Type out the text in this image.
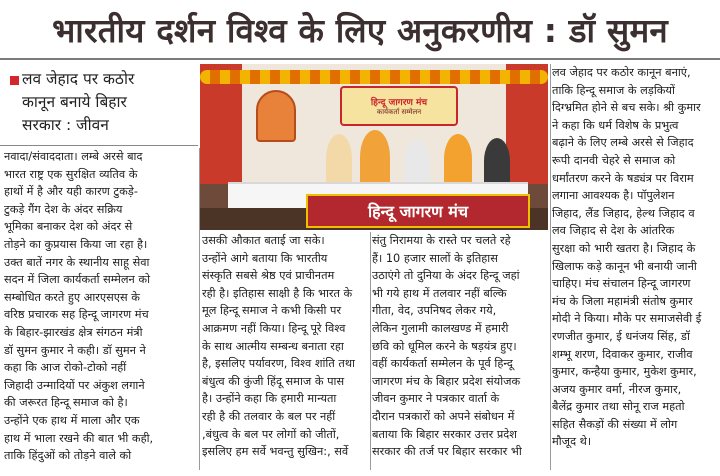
भारतीय दर्शन विश्व के लिए अनुकरणीय : डॉ सुमन
लव जेहाद पर कठोर
कानून बनाये बिहार
सरकार : जीवन
नवादा/संवाददाता। लम्बे अरसे बाद
भारत राष्ट्र एक सुरक्षित व्यतिव के
हाथों में है और यही कारण टुकड़े-
टुकड़े गैंग देश के अंदर सक्रिय
भूमिका बनाकर देश को अंदर से
तोड़ने का कुप्रयास किया जा रहा है।
उक्त बातें नगर के स्थानीय साहू सेवा
सदन में जिला कार्यकर्ता सम्मेलन को
सम्बोधित करते हुए आरएसएस के
वरिष्ठ प्रचारक सह हिन्दू जागरण मंच
के बिहार-झारखंड क्षेत्र संगठन मंत्री
डॉ सुमन कुमार ने कही। डॉ सुमन ने
कहा कि आज रोको-टोको नहीं
जिहादी उन्मादियों पर अंकुश लगाने
की जरूरत हिन्दू समाज को है।
उन्होंने एक हाथ में माला और एक
हाथ में भाला रखने की बात भी कही,
ताकि हिंदुओं को तोड़ने वाले को
हिन्दू जागरण मंच
कार्यकर्ता सम्मेलन
हिन्दू जागरण मंच
उसकी औकात बताई जा सके।
उन्होंने आगे बताया कि भारतीय
संस्कृति सबसे श्रेष्ठ एवं प्राचीनतम
रही है। इतिहास साक्षी है कि भारत के
मूल हिन्दू समाज ने कभी किसी पर
आक्रमण नहीं किया। हिन्दू पूरे विश्व
के साथ आत्मीय सम्बन्ध बनाता रहा
है, इसलिए पर्यावरण, विश्व शांति तथा
बंधुत्व की कुंजी हिंदू समाज के पास
है। उन्होंने कहा कि हमारी मान्यता
रही है की तलवार के बल पर नहीं
,बंधुत्व के बल पर लोगों को जीतों,
इसलिए हम सर्वे भवन्तु सुखिन:, सर्वे
संतु निरामया के रास्ते पर चलते रहे
हैं। 10 हजार सालों के इतिहास
उठाएंगे तो दुनिया के अंदर हिन्दू जहां
भी गये हाथ में तलवार नहीं बल्कि
गीता, वेद, उपनिषद लेकर गये,
लेकिन गुलामी कालखण्ड में हमारी
छवि को धूमिल करने के षड़यंत्र हुए।
वहीं कार्यकर्ता सम्मेलन के पूर्व हिन्दू
जागरण मंच के बिहार प्रदेश संयोजक
जीवन कुमार ने पत्रकार वार्ता के
दौरान पत्रकारों को अपने संबोधन में
बताया कि बिहार सरकार उत्तर प्रदेश
सरकार की तर्ज पर बिहार सरकार भी
लव जेहाद पर कठोर कानून बनाएं,
ताकि हिन्दू समाज के लड़कियों
दिग्भ्रमित होने से बच सके। श्री कुमार
ने कहा कि धर्म विशेष के प्रभुत्व
बढ़ाने के लिए लम्बे अरसे से जिहाद
रूपी दानवी चेहरे से समाज को
धर्मांतरण करने के षड्यंत्र पर विराम
लगाना आवश्यक है। पॉपुलेशन
जिहाद, लैंड जिहाद, हेल्थ जिहाद व
लव जिहाद से देश के आंतरिक
सुरक्षा को भारी खतरा है। जिहाद के
खिलाफ कड़े कानून भी बनायी जानी
चाहिए। मंच संचालन हिन्दू जागरण
मंच के जिला महामंत्री संतोष कुमार
मोदी ने किया। मौके पर समाजसेवी ई
रणजीत कुमार, ई धनंजय सिंह, डॉ
शम्भू शरण, दिवाकर कुमार, राजीव
कुमार, कन्हैया कुमार, मुकेश कुमार,
अजय कुमार वर्मा, नीरज कुमार,
बैलेंद्र कुमार तथा सोनू राज महतो
सहित सैकड़ों की संख्या में लोग
मौजूद थे।
